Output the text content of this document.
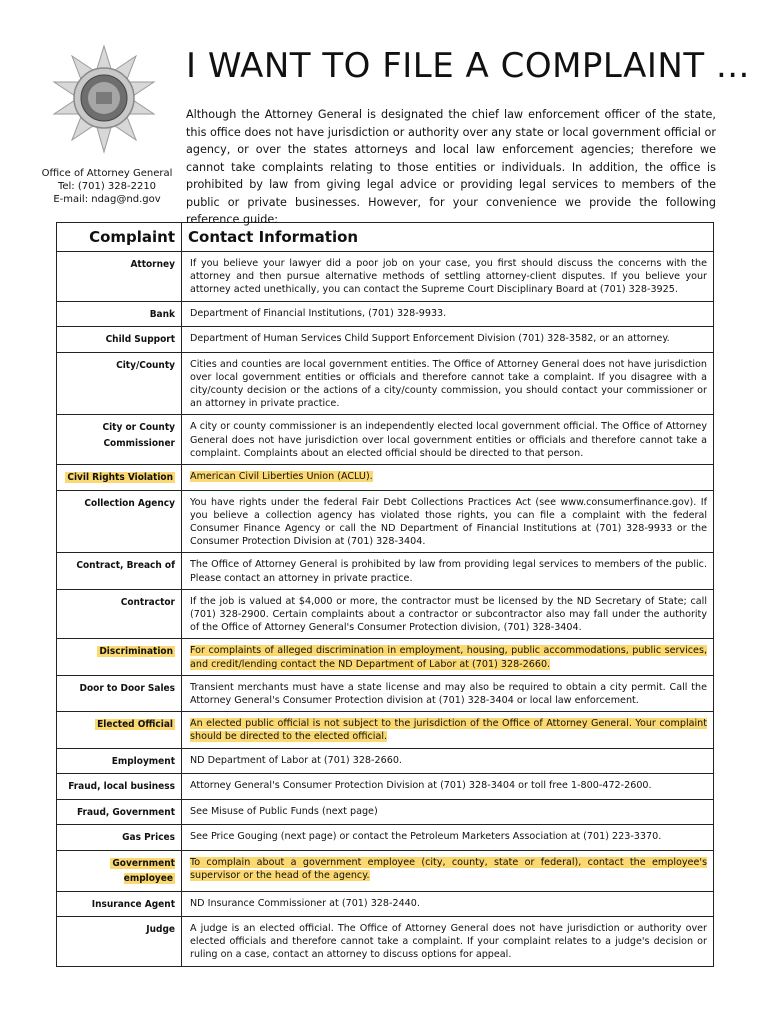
Office of Attorney General
Tel: (701) 328-2210
E-mail: ndag@nd.gov
I WANT TO FILE A COMPLAINT ...
Although the Attorney General is designated the chief law enforcement officer of the state, this office does not have jurisdiction or authority over any state or local government official or agency, or over the states attorneys and local law enforcement agencies; therefore we cannot take complaints relating to those entities or individuals. In addition, the office is prohibited by law from giving legal advice or providing legal services to members of the public or private businesses. However, for your convenience we provide the following reference guide:
Complaint	Contact Information
Attorney	If you believe your lawyer did a poor job on your case, you first should discuss the concerns with the attorney and then pursue alternative methods of settling attorney-client disputes. If you believe your attorney acted unethically, you can contact the Supreme Court Disciplinary Board at (701) 328-3925.
Bank	Department of Financial Institutions, (701) 328-9933.
Child Support	Department of Human Services Child Support Enforcement Division (701) 328-3582, or an attorney.
City/County	Cities and counties are local government entities. The Office of Attorney General does not have jurisdiction over local government entities or officials and therefore cannot take a complaint. If you disagree with a city/county decision or the actions of a city/county commission, you should contact your commissioner or an attorney in private practice.
City or County Commissioner	A city or county commissioner is an independently elected local government official. The Office of Attorney General does not have jurisdiction over local government entities or officials and therefore cannot take a complaint. Complaints about an elected official should be directed to that person.
Civil Rights Violation	American Civil Liberties Union (ACLU).
Collection Agency	You have rights under the federal Fair Debt Collections Practices Act (see www.consumerfinance.gov). If you believe a collection agency has violated those rights, you can file a complaint with the federal Consumer Finance Agency or call the ND Department of Financial Institutions at (701) 328-9933 or the Consumer Protection Division at (701) 328-3404.
Contract, Breach of	The Office of Attorney General is prohibited by law from providing legal services to members of the public. Please contact an attorney in private practice.
Contractor	If the job is valued at $4,000 or more, the contractor must be licensed by the ND Secretary of State; call (701) 328-2900. Certain complaints about a contractor or subcontractor also may fall under the authority of the Office of Attorney General's Consumer Protection division, (701) 328-3404.
Discrimination	For complaints of alleged discrimination in employment, housing, public accommodations, public services, and credit/lending contact the ND Department of Labor at (701) 328-2660.
Door to Door Sales	Transient merchants must have a state license and may also be required to obtain a city permit. Call the Attorney General's Consumer Protection division at (701) 328-3404 or local law enforcement.
Elected Official	An elected public official is not subject to the jurisdiction of the Office of Attorney General. Your complaint should be directed to the elected official.
Employment	ND Department of Labor at (701) 328-2660.
Fraud, local business	Attorney General's Consumer Protection Division at (701) 328-3404 or toll free 1-800-472-2600.
Fraud, Government	See Misuse of Public Funds (next page)
Gas Prices	See Price Gouging (next page) or contact the Petroleum Marketers Association at (701) 223-3370.
Government employee	To complain about a government employee (city, county, state or federal), contact the employee's supervisor or the head of the agency.
Insurance Agent	ND Insurance Commissioner at (701) 328-2440.
Judge	A judge is an elected official. The Office of Attorney General does not have jurisdiction or authority over elected officials and therefore cannot take a complaint. If your complaint relates to a judge's decision or ruling on a case, contact an attorney to discuss options for appeal.
